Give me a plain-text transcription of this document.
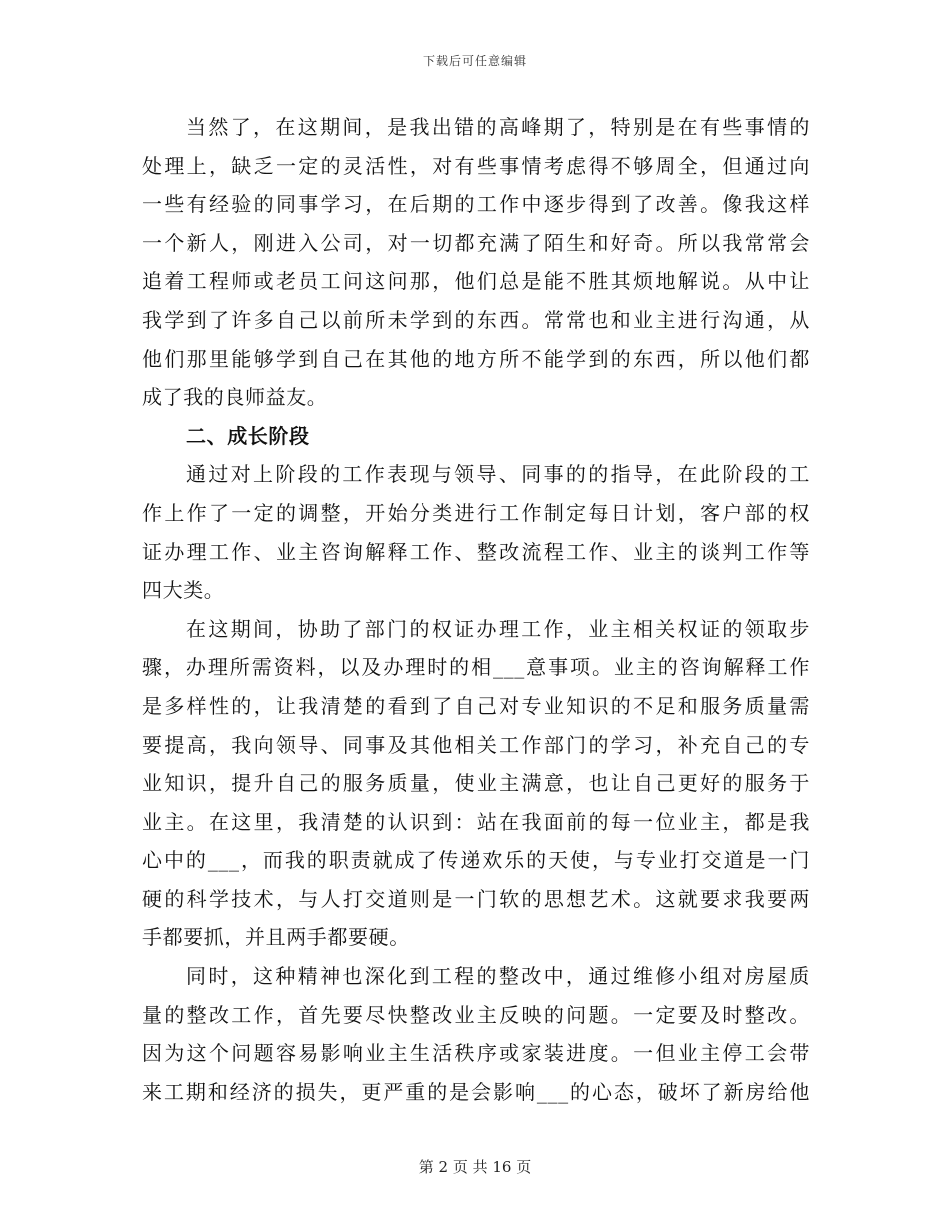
下载后可任意编辑
当然了，在这期间，是我出错的高峰期了，特别是在有些事情的
处理上，缺乏一定的灵活性，对有些事情考虑得不够周全，但通过向
一些有经验的同事学习，在后期的工作中逐步得到了改善。像我这样
一个新人，刚进入公司，对一切都充满了陌生和好奇。所以我常常会
追着工程师或老员工问这问那，他们总是能不胜其烦地解说。从中让
我学到了许多自己以前所未学到的东西。常常也和业主进行沟通，从
他们那里能够学到自己在其他的地方所不能学到的东西，所以他们都
成了我的良师益友。
二、成长阶段
通过对上阶段的工作表现与领导、同事的的指导，在此阶段的工
作上作了一定的调整，开始分类进行工作制定每日计划，客户部的权
证办理工作、业主咨询解释工作、整改流程工作、业主的谈判工作等
四大类。
在这期间，协助了部门的权证办理工作，业主相关权证的领取步
骤，办理所需资料，以及办理时的相___意事项。业主的咨询解释工作
是多样性的，让我清楚的看到了自己对专业知识的不足和服务质量需
要提高，我向领导、同事及其他相关工作部门的学习，补充自己的专
业知识，提升自己的服务质量，使业主满意，也让自己更好的服务于
业主。在这里，我清楚的认识到：站在我面前的每一位业主，都是我
心中的___，而我的职责就成了传递欢乐的天使，与专业打交道是一门
硬的科学技术，与人打交道则是一门软的思想艺术。这就要求我要两
手都要抓，并且两手都要硬。
同时，这种精神也深化到工程的整改中，通过维修小组对房屋质
量的整改工作，首先要尽快整改业主反映的问题。一定要及时整改。
因为这个问题容易影响业主生活秩序或家装进度。一但业主停工会带
来工期和经济的损失，更严重的是会影响___的心态，破坏了新房给他
第 2 页 共 16 页
